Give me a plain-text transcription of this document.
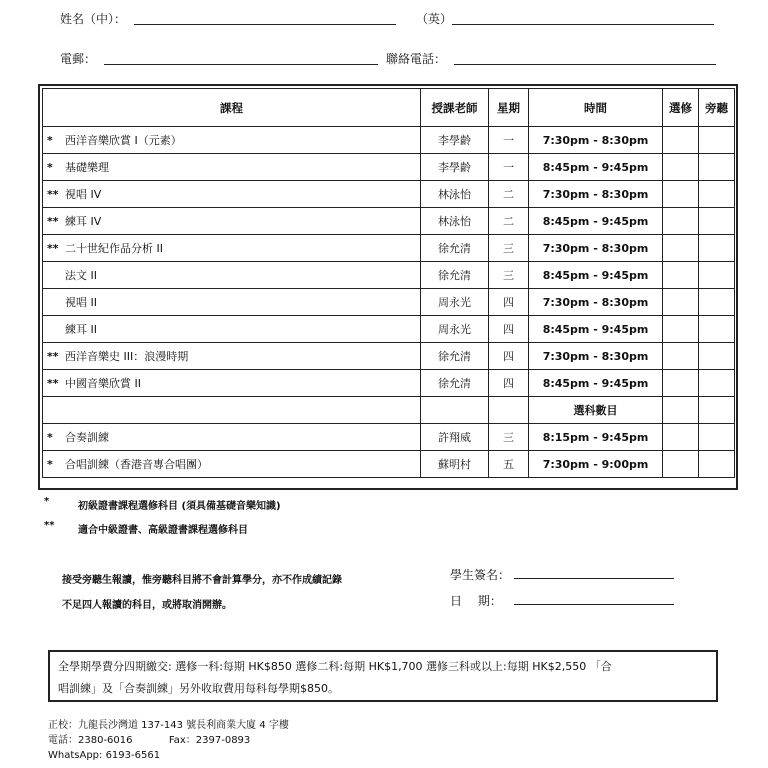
姓名（中）：	（英）
電郵：	聯絡電話：
課程	授課老師	星期	時間	選修	旁聽
* 西洋音樂欣賞 I（元素）	李學齡	一	7:30pm - 8:30pm		
* 基礎樂理	李學齡	一	8:45pm - 9:45pm		
** 視唱 IV	林泳怡	二	7:30pm - 8:30pm		
** 練耳 IV	林泳怡	二	8:45pm - 9:45pm		
** 二十世紀作品分析 II	徐允清	三	7:30pm - 8:30pm		
法文 II	徐允清	三	8:45pm - 9:45pm		
視唱 II	周永光	四	7:30pm - 8:30pm		
練耳 II	周永光	四	8:45pm - 9:45pm		
** 西洋音樂史 III：浪漫時期	徐允清	四	7:30pm - 8:30pm		
** 中國音樂欣賞 II	徐允清	四	8:45pm - 9:45pm		
			選科數目		
* 合奏訓練	許翔威	三	8:15pm - 9:45pm		
* 合唱訓練（香港音專合唱團）	蘇明村	五	7:30pm - 9:00pm		
*	初級證書課程選修科目 (須具備基礎音樂知識)
** 適合中級證書、高級證書課程選修科目
接受旁聽生報讀，惟旁聽科目將不會計算學分，亦不作成績記錄
不足四人報讀的科目，或將取消開辦。
學生簽名：
日　 期：
全學期學費分四期繳交: 選修一科:每期 HK$850 選修二科:每期 HK$1,700 選修三科或以上:每期 HK$2,550 「合
唱訓練」及「合奏訓練」另外收取費用每科每學期$850。
正校：九龍長沙灣道 137-143 號長利商業大廈 4 字樓
電話：2380-6016	Fax：2397-0893
WhatsApp: 6193-6561
